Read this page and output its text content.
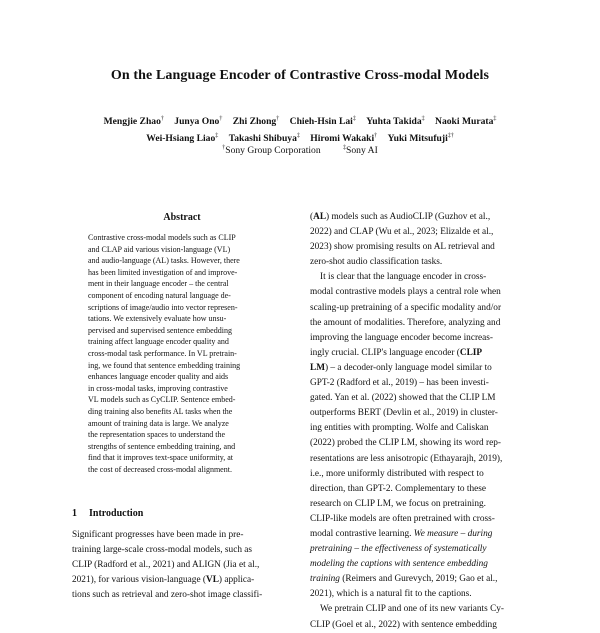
On the Language Encoder of Contrastive Cross-modal Models
Mengjie Zhao† Junya Ono† Zhi Zhong† Chieh-Hsin Lai‡ Yuhta Takida‡ Naoki Murata‡
Wei-Hsiang Liao‡ Takashi Shibuya‡ Hiromi Wakaki† Yuki Mitsufuji‡†
†Sony Group Corporation	‡Sony AI
Abstract
Contrastive cross-modal models such as CLIP
and CLAP aid various vision-language (VL)
and audio-language (AL) tasks. However, there
has been limited investigation of and improve-
ment in their language encoder – the central
component of encoding natural language de-
scriptions of image/audio into vector represen-
tations. We extensively evaluate how unsu-
pervised and supervised sentence embedding
training affect language encoder quality and
cross-modal task performance. In VL pretrain-
ing, we found that sentence embedding training
enhances language encoder quality and aids
in cross-modal tasks, improving contrastive
VL models such as CyCLIP. Sentence embed-
ding training also benefits AL tasks when the
amount of training data is large. We analyze
the representation spaces to understand the
strengths of sentence embedding training, and
find that it improves text-space uniformity, at
the cost of decreased cross-modal alignment.
1 Introduction
Significant progresses have been made in pre-
training large-scale cross-modal models, such as
CLIP (Radford et al., 2021) and ALIGN (Jia et al.,
2021), for various vision-language (VL) applica-
tions such as retrieval and zero-shot image classifi-
(AL) models such as AudioCLIP (Guzhov et al.,
2022) and CLAP (Wu et al., 2023; Elizalde et al.,
2023) show promising results on AL retrieval and
zero-shot audio classification tasks.
It is clear that the language encoder in cross-
modal contrastive models plays a central role when
scaling-up pretraining of a specific modality and/or
the amount of modalities. Therefore, analyzing and
improving the language encoder become increas-
ingly crucial. CLIP's language encoder (CLIP
LM) – a decoder-only language model similar to
GPT-2 (Radford et al., 2019) – has been investi-
gated. Yan et al. (2022) showed that the CLIP LM
outperforms BERT (Devlin et al., 2019) in cluster-
ing entities with prompting. Wolfe and Caliskan
(2022) probed the CLIP LM, showing its word rep-
resentations are less anisotropic (Ethayarajh, 2019),
i.e., more uniformly distributed with respect to
direction, than GPT-2. Complementary to these
research on CLIP LM, we focus on pretraining.
CLIP-like models are often pretrained with cross-
modal contrastive learning. We measure – during
pretraining – the effectiveness of systematically
modeling the captions with sentence embedding
training (Reimers and Gurevych, 2019; Gao et al.,
2021), which is a natural fit to the captions.
We pretrain CLIP and one of its new variants Cy-
CLIP (Goel et al., 2022) with sentence embedding
